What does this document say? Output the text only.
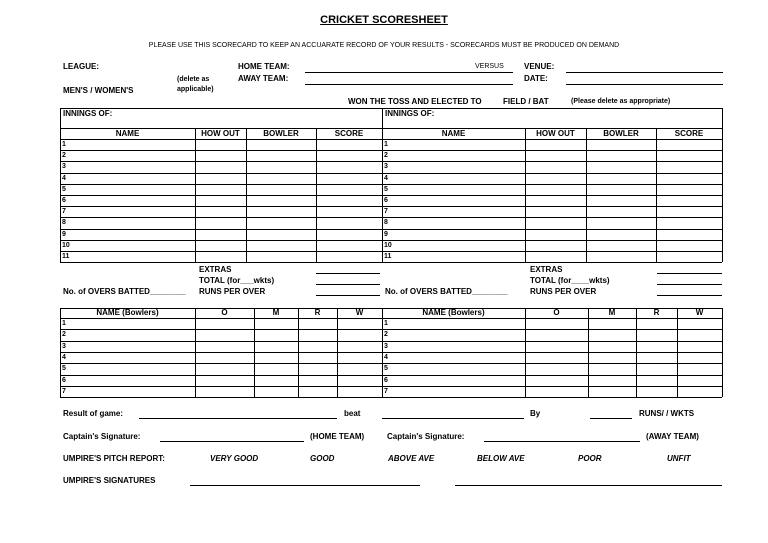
CRICKET SCORESHEET
PLEASE USE THIS SCORECARD TO KEEP AN ACCUARATE RECORD OF YOUR RESULTS - SCORECARDS MUST BE PRODUCED ON DEMAND
LEAGUE:	HOME TEAM:	VERSUS	VENUE:
(delete as	AWAY TEAM:	DATE:
MEN'S / WOMEN'S	applicable)
WON THE TOSS AND ELECTED TO	FIELD / BAT	(Please delete as appropriate)
INNINGS OF:
NAME	HOW OUT	BOWLER	SCORE
1
2
3
4
5
6
7
8
9
10
11
INNINGS OF:
NAME	HOW OUT	BOWLER	SCORE
1
2
3
4
5
6
7
8
9
10
11
NAME (Bowlers)	O	M	R	W
1
2
3
4
5
6
7
NAME (Bowlers)	O	M	R	W
1
2
3
4
5
6
7
EXTRAS
TOTAL (for___wkts)
RUNS PER OVER
No. of OVERS BATTED________
EXTRAS
TOTAL (for____wkts)
RUNS PER OVER
No. of OVERS BATTED________
Result of game:	beat	By	RUNS/ / WKTS
Captain's Signature:	(HOME TEAM)	Captain's Signature:	(AWAY TEAM)
UMPIRE'S PITCH REPORT:	VERY GOOD	GOOD	ABOVE AVE	BELOW AVE	POOR	UNFIT
UMPIRE'S SIGNATURES
